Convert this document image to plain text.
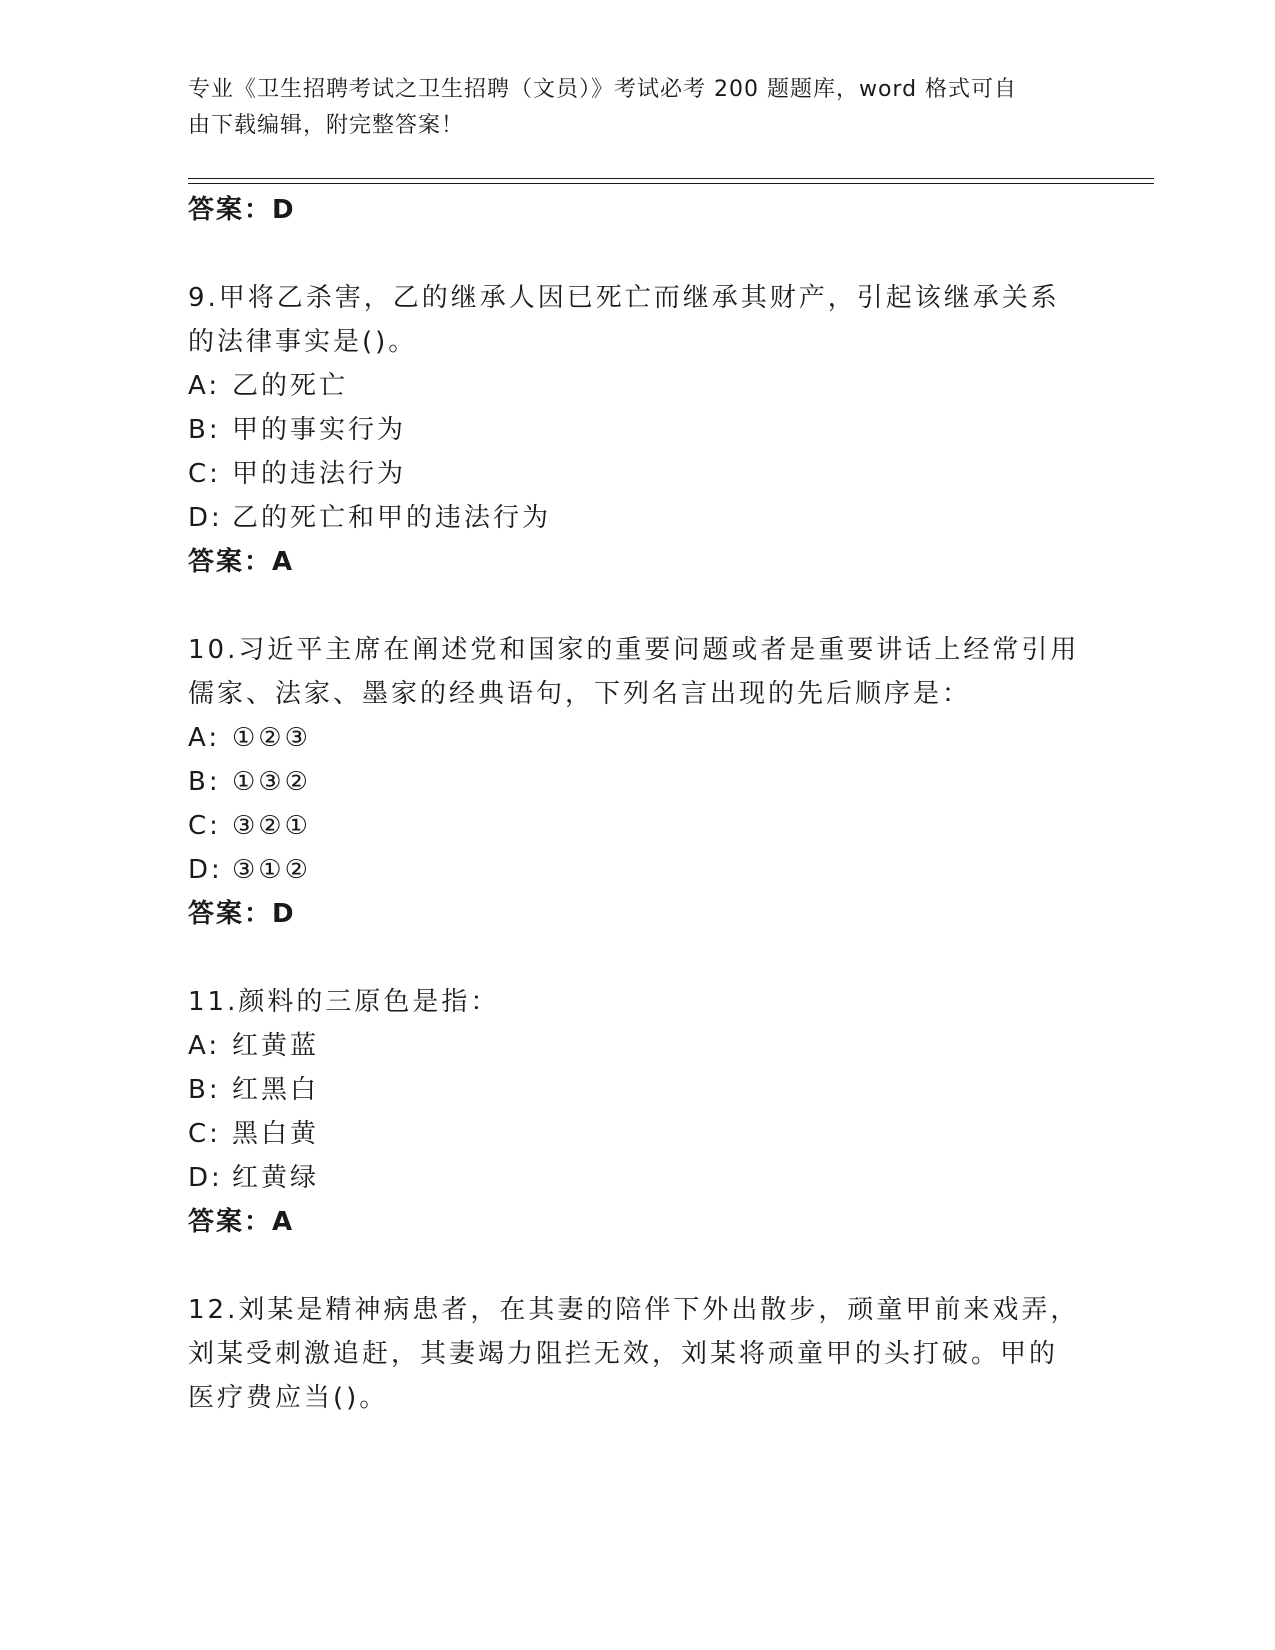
专业《卫生招聘考试之卫生招聘（文员）》考试必考 200 题题库，word 格式可自
由下载编辑，附完整答案！
答案：D
9.甲将乙杀害，乙的继承人因已死亡而继承其财产，引起该继承关系
的法律事实是()。
A: 乙的死亡
B: 甲的事实行为
C: 甲的违法行为
D: 乙的死亡和甲的违法行为
答案：A
10.习近平主席在阐述党和国家的重要问题或者是重要讲话上经常引用
儒家、法家、墨家的经典语句，下列名言出现的先后顺序是：
A: ①②③
B: ①③②
C: ③②①
D: ③①②
答案：D
11.颜料的三原色是指：
A: 红黄蓝
B: 红黑白
C: 黑白黄
D: 红黄绿
答案：A
12.刘某是精神病患者，在其妻的陪伴下外出散步，顽童甲前来戏弄，
刘某受刺激追赶，其妻竭力阻拦无效，刘某将顽童甲的头打破。甲的
医疗费应当()。
